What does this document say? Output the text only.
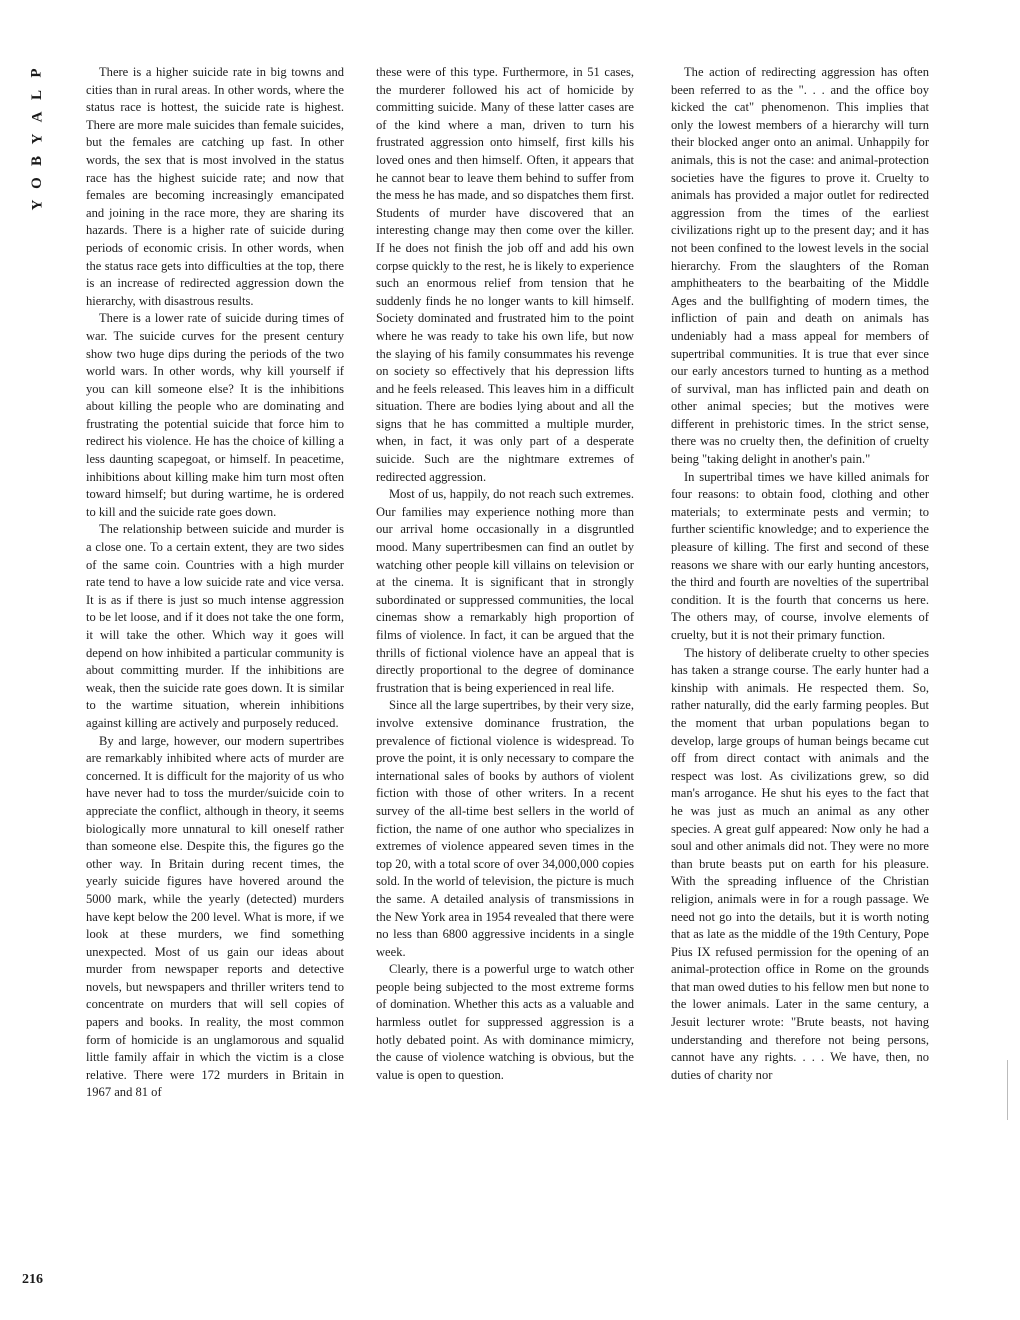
P
L
A
Y
B
O
Y

There is a higher suicide rate in big towns and cities than in rural areas. In other words, where the status race is hottest, the suicide rate is highest. There are more male suicides than female suicides, but the females are catching up fast. In other words, the sex that is most involved in the status race has the highest suicide rate; and now that females are becoming increasingly emancipated and joining in the race more, they are sharing its hazards. There is a higher rate of suicide during periods of economic crisis. In other words, when the status race gets into difficulties at the top, there is an increase of redirected aggression down the hierarchy, with disastrous results.

There is a lower rate of suicide during times of war. The suicide curves for the present century show two huge dips during the periods of the two world wars. In other words, why kill yourself if you can kill someone else? It is the inhibitions about killing the people who are dominating and frustrating the potential suicide that force him to redirect his violence. He has the choice of killing a less daunting scapegoat, or himself. In peacetime, inhibitions about killing make him turn most often toward himself; but during wartime, he is ordered to kill and the suicide rate goes down.

The relationship between suicide and murder is a close one. To a certain extent, they are two sides of the same coin. Countries with a high murder rate tend to have a low suicide rate and vice versa. It is as if there is just so much intense aggression to be let loose, and if it does not take the one form, it will take the other. Which way it goes will depend on how inhibited a particular community is about committing murder. If the inhibitions are weak, then the suicide rate goes down. It is similar to the wartime situation, wherein inhibitions against killing are actively and purposely reduced.

By and large, however, our modern supertribes are remarkably inhibited where acts of murder are concerned. It is difficult for the majority of us who have never had to toss the murder/suicide coin to appreciate the conflict, although in theory, it seems biologically more unnatural to kill oneself rather than someone else. Despite this, the figures go the other way. In Britain during recent times, the yearly suicide figures have hovered around the 5000 mark, while the yearly (detected) murders have kept below the 200 level. What is more, if we look at these murders, we find something unexpected. Most of us gain our ideas about murder from newspaper reports and detective novels, but newspapers and thriller writers tend to concentrate on murders that will sell copies of papers and books. In reality, the most common form of homicide is an unglamorous and squalid little family affair in which the victim is a close relative. There were 172 murders in Britain in 1967 and 81 of

these were of this type. Furthermore, in 51 cases, the murderer followed his act of homicide by committing suicide. Many of these latter cases are of the kind where a man, driven to turn his frustrated aggression onto himself, first kills his loved ones and then himself. Often, it appears that he cannot bear to leave them behind to suffer from the mess he has made, and so dispatches them first. Students of murder have discovered that an interesting change may then come over the killer. If he does not finish the job off and add his own corpse quickly to the rest, he is likely to experience such an enormous relief from tension that he suddenly finds he no longer wants to kill himself. Society dominated and frustrated him to the point where he was ready to take his own life, but now the slaying of his family consummates his revenge on society so effectively that his depression lifts and he feels released. This leaves him in a difficult situation. There are bodies lying about and all the signs that he has committed a multiple murder, when, in fact, it was only part of a desperate suicide. Such are the nightmare extremes of redirected aggression.

Most of us, happily, do not reach such extremes. Our families may experience nothing more than our arrival home occasionally in a disgruntled mood. Many supertribesmen can find an outlet by watching other people kill villains on television or at the cinema. It is significant that in strongly subordinated or suppressed communities, the local cinemas show a remarkably high proportion of films of violence. In fact, it can be argued that the thrills of fictional violence have an appeal that is directly proportional to the degree of dominance frustration that is being experienced in real life.

Since all the large supertribes, by their very size, involve extensive dominance frustration, the prevalence of fictional violence is widespread. To prove the point, it is only necessary to compare the international sales of books by authors of violent fiction with those of other writers. In a recent survey of the all-time best sellers in the world of fiction, the name of one author who specializes in extremes of violence appeared seven times in the top 20, with a total score of over 34,000,000 copies sold. In the world of television, the picture is much the same. A detailed analysis of transmissions in the New York area in 1954 revealed that there were no less than 6800 aggressive incidents in a single week.

Clearly, there is a powerful urge to watch other people being subjected to the most extreme forms of domination. Whether this acts as a valuable and harmless outlet for suppressed aggression is a hotly debated point. As with dominance mimicry, the cause of violence watching is obvious, but the value is open to question.

The action of redirecting aggression has often been referred to as the ". . . and the office boy kicked the cat" phenomenon. This implies that only the lowest members of a hierarchy will turn their blocked anger onto an animal. Unhappily for animals, this is not the case: and animal-protection societies have the figures to prove it. Cruelty to animals has provided a major outlet for redirected aggression from the times of the earliest civilizations right up to the present day; and it has not been confined to the lowest levels in the social hierarchy. From the slaughters of the Roman amphitheaters to the bearbaiting of the Middle Ages and the bullfighting of modern times, the infliction of pain and death on animals has undeniably had a mass appeal for members of supertribal communities. It is true that ever since our early ancestors turned to hunting as a method of survival, man has inflicted pain and death on other animal species; but the motives were different in prehistoric times. In the strict sense, there was no cruelty then, the definition of cruelty being "taking delight in another's pain."

In supertribal times we have killed animals for four reasons: to obtain food, clothing and other materials; to exterminate pests and vermin; to further scientific knowledge; and to experience the pleasure of killing. The first and second of these reasons we share with our early hunting ancestors, the third and fourth are novelties of the supertribal condition. It is the fourth that concerns us here. The others may, of course, involve elements of cruelty, but it is not their primary function.

The history of deliberate cruelty to other species has taken a strange course. The early hunter had a kinship with animals. He respected them. So, rather naturally, did the early farming peoples. But the moment that urban populations began to develop, large groups of human beings became cut off from direct contact with animals and the respect was lost. As civilizations grew, so did man's arrogance. He shut his eyes to the fact that he was just as much an animal as any other species. A great gulf appeared: Now only he had a soul and other animals did not. They were no more than brute beasts put on earth for his pleasure. With the spreading influence of the Christian religion, animals were in for a rough passage. We need not go into the details, but it is worth noting that as late as the middle of the 19th Century, Pope Pius IX refused permission for the opening of an animal-protection office in Rome on the grounds that man owed duties to his fellow men but none to the lower animals. Later in the same century, a Jesuit lecturer wrote: "Brute beasts, not having understanding and therefore not being persons, cannot have any rights. . . . We have, then, no duties of charity nor

216
